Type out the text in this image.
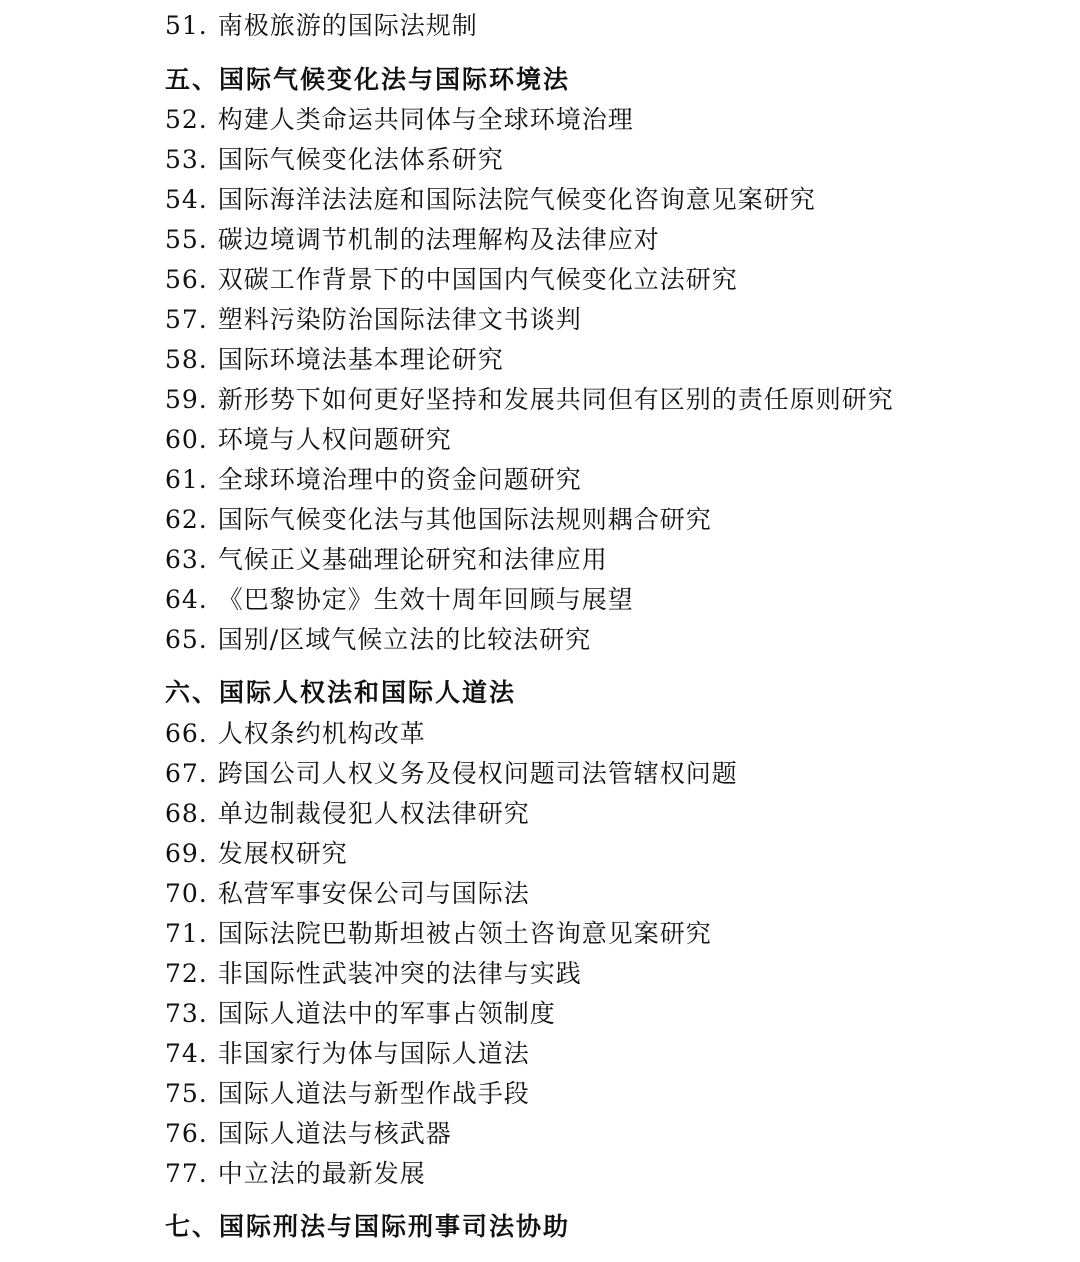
51. 南极旅游的国际法规制
五、国际气候变化法与国际环境法
52. 构建人类命运共同体与全球环境治理
53. 国际气候变化法体系研究
54. 国际海洋法法庭和国际法院气候变化咨询意见案研究
55. 碳边境调节机制的法理解构及法律应对
56. 双碳工作背景下的中国国内气候变化立法研究
57. 塑料污染防治国际法律文书谈判
58. 国际环境法基本理论研究
59. 新形势下如何更好坚持和发展共同但有区别的责任原则研究
60. 环境与人权问题研究
61. 全球环境治理中的资金问题研究
62. 国际气候变化法与其他国际法规则耦合研究
63. 气候正义基础理论研究和法律应用
64. 《巴黎协定》生效十周年回顾与展望
65. 国别/区域气候立法的比较法研究
六、国际人权法和国际人道法
66. 人权条约机构改革
67. 跨国公司人权义务及侵权问题司法管辖权问题
68. 单边制裁侵犯人权法律研究
69. 发展权研究
70. 私营军事安保公司与国际法
71. 国际法院巴勒斯坦被占领土咨询意见案研究
72. 非国际性武装冲突的法律与实践
73. 国际人道法中的军事占领制度
74. 非国家行为体与国际人道法
75. 国际人道法与新型作战手段
76. 国际人道法与核武器
77. 中立法的最新发展
七、国际刑法与国际刑事司法协助
